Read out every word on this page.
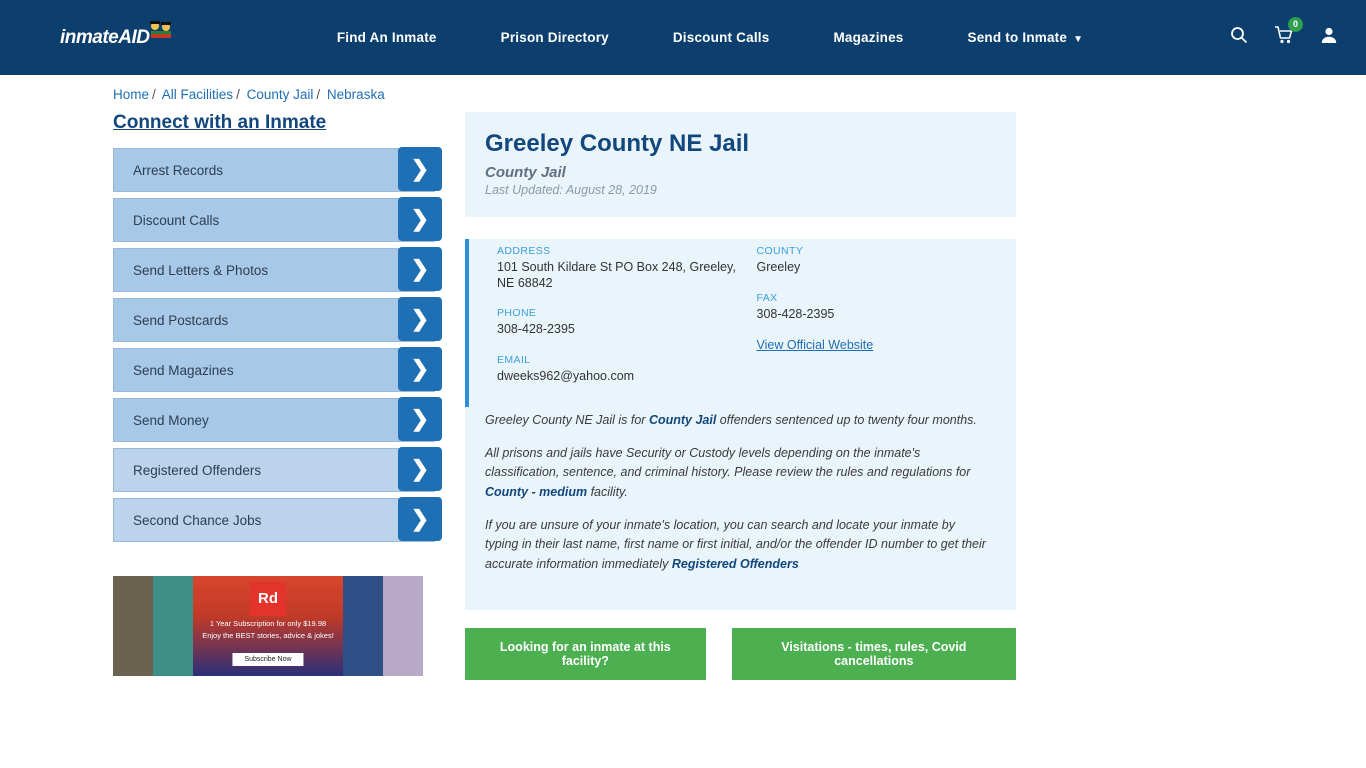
inmateAID	Find An Inmate	Prison Directory	Discount Calls	Magazines	Send to Inmate ▼
0
Home / All Facilities / County Jail / Nebraska
Connect with an Inmate
Arrest Records	❯
Discount Calls	❯
Send Letters & Photos	❯
Send Postcards	❯
Send Magazines	❯
Send Money	❯
Registered Offenders	❯
Second Chance Jobs	❯
Rd
1 Year Subscription for only $19.98
Enjoy the BEST stories, advice & jokes!
Subscribe Now
Greeley County NE Jail
County Jail
Last Updated: August 28, 2019
ADDRESS
101 South Kildare St PO Box 248, Greeley, NE 68842
PHONE
308-428-2395
EMAIL
dweeks962@yahoo.com
COUNTY
Greeley
FAX
308-428-2395
View Official Website

Greeley County NE Jail is for County Jail offenders sentenced up to twenty four months.

All prisons and jails have Security or Custody levels depending on the inmate's classification, sentence, and criminal history. Please review the rules and regulations for County - medium facility.

If you are unsure of your inmate's location, you can search and locate your inmate by typing in their last name, first name or first initial, and/or the offender ID number to get their accurate information immediately Registered Offenders

Looking for an inmate at this facility?
Visitations - times, rules, Covid cancellations
